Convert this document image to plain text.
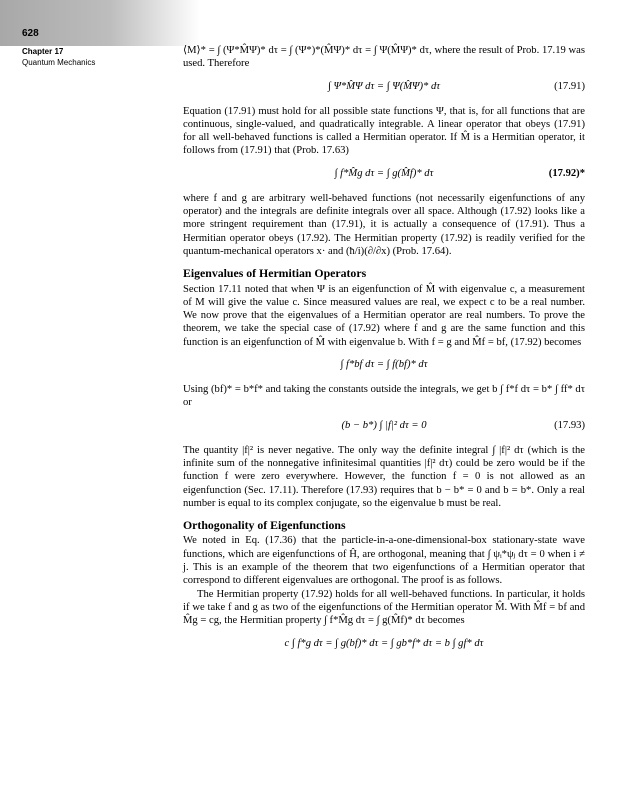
628
Chapter 17
Quantum Mechanics

⟨M⟩* = ∫ (Ψ*M̂Ψ)* dτ = ∫ (Ψ*)*(M̂Ψ)* dτ = ∫ Ψ(M̂Ψ)* dτ, where the result of Prob. 17.19 was used. Therefore

∫ Ψ*M̂Ψ dτ = ∫ Ψ(M̂Ψ)* dτ	(17.91)

Equation (17.91) must hold for all possible state functions Ψ, that is, for all functions that are continuous, single-valued, and quadratically integrable. A linear operator that obeys (17.91) for all well-behaved functions is called a Hermitian operator. If M̂ is a Hermitian operator, it follows from (17.91) that (Prob. 17.63)

∫ f*M̂g dτ = ∫ g(M̂f)* dτ	(17.92)*

where f and g are arbitrary well-behaved functions (not necessarily eigenfunctions of any operator) and the integrals are definite integrals over all space. Although (17.92) looks like a more stringent requirement than (17.91), it is actually a consequence of (17.91). Thus a Hermitian operator obeys (17.92). The Hermitian property (17.92) is readily verified for the quantum-mechanical operators x· and (ħ/i)(∂/∂x) (Prob. 17.64).

Eigenvalues of Hermitian Operators

Section 17.11 noted that when Ψ is an eigenfunction of M̂ with eigenvalue c, a measurement of M will give the value c. Since measured values are real, we expect c to be a real number. We now prove that the eigenvalues of a Hermitian operator are real numbers. To prove the theorem, we take the special case of (17.92) where f and g are the same function and this function is an eigenfunction of M̂ with eigenvalue b. With f = g and M̂f = bf, (17.92) becomes

∫ f*bf dτ = ∫ f(bf)* dτ

Using (bf)* = b*f* and taking the constants outside the integrals, we get b ∫ f*f dτ = b* ∫ ff* dτ or

(b − b*) ∫ |f|² dτ = 0	(17.93)

The quantity |f|² is never negative. The only way the definite integral ∫ |f|² dτ (which is the infinite sum of the nonnegative infinitesimal quantities |f|² dτ) could be zero would be if the function f were zero everywhere. However, the function f = 0 is not allowed as an eigenfunction (Sec. 17.11). Therefore (17.93) requires that b − b* = 0 and b = b*. Only a real number is equal to its complex conjugate, so the eigenvalue b must be real.

Orthogonality of Eigenfunctions

We noted in Eq. (17.36) that the particle-in-a-one-dimensional-box stationary-state wave functions, which are eigenfunctions of Ĥ, are orthogonal, meaning that ∫ ψᵢ*ψⱼ dτ = 0 when i ≠ j. This is an example of the theorem that two eigenfunctions of a Hermitian operator that correspond to different eigenvalues are orthogonal. The proof is as follows.

The Hermitian property (17.92) holds for all well-behaved functions. In particular, it holds if we take f and g as two of the eigenfunctions of the Hermitian operator M̂. With M̂f = bf and M̂g = cg, the Hermitian property ∫ f*M̂g dτ = ∫ g(M̂f)* dτ becomes

c ∫ f*g dτ = ∫ g(bf)* dτ = ∫ gb*f* dτ = b ∫ gf* dτ
